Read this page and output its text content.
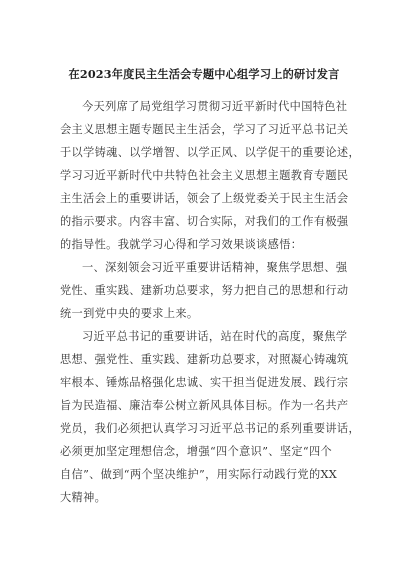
在2023年度民主生活会专题中心组学习上的研讨发言
今天列席了局党组学习贯彻习近平新时代中国特色社
会主义思想主题专题民主生活会，学习了习近平总书记关
于以学铸魂、以学增智、以学正风、以学促干的重要论述，
学习习近平新时代中共特色社会主义思想主题教育专题民
主生活会上的重要讲话，领会了上级党委关于民主生活会
的指示要求。内容丰富、切合实际，对我们的工作有极强
的指导性。我就学习心得和学习效果谈谈感悟：
一、深刻领会习近平重要讲话精神，聚焦学思想、强
党性、重实践、建新功总要求，努力把自己的思想和行动
统一到党中央的要求上来。
习近平总书记的重要讲话，站在时代的高度，聚焦学
思想、强党性、重实践、建新功总要求，对照凝心铸魂筑
牢根本、锤炼品格强化忠诚、实干担当促进发展、践行宗
旨为民造福、廉洁奉公树立新风具体目标。作为一名共产
党员，我们必须把认真学习习近平总书记的系列重要讲话，
必须更加坚定理想信念，增强“四个意识”、坚定“四个
自信”、做到“两个坚决维护”，用实际行动践行党的XX
大精神。
